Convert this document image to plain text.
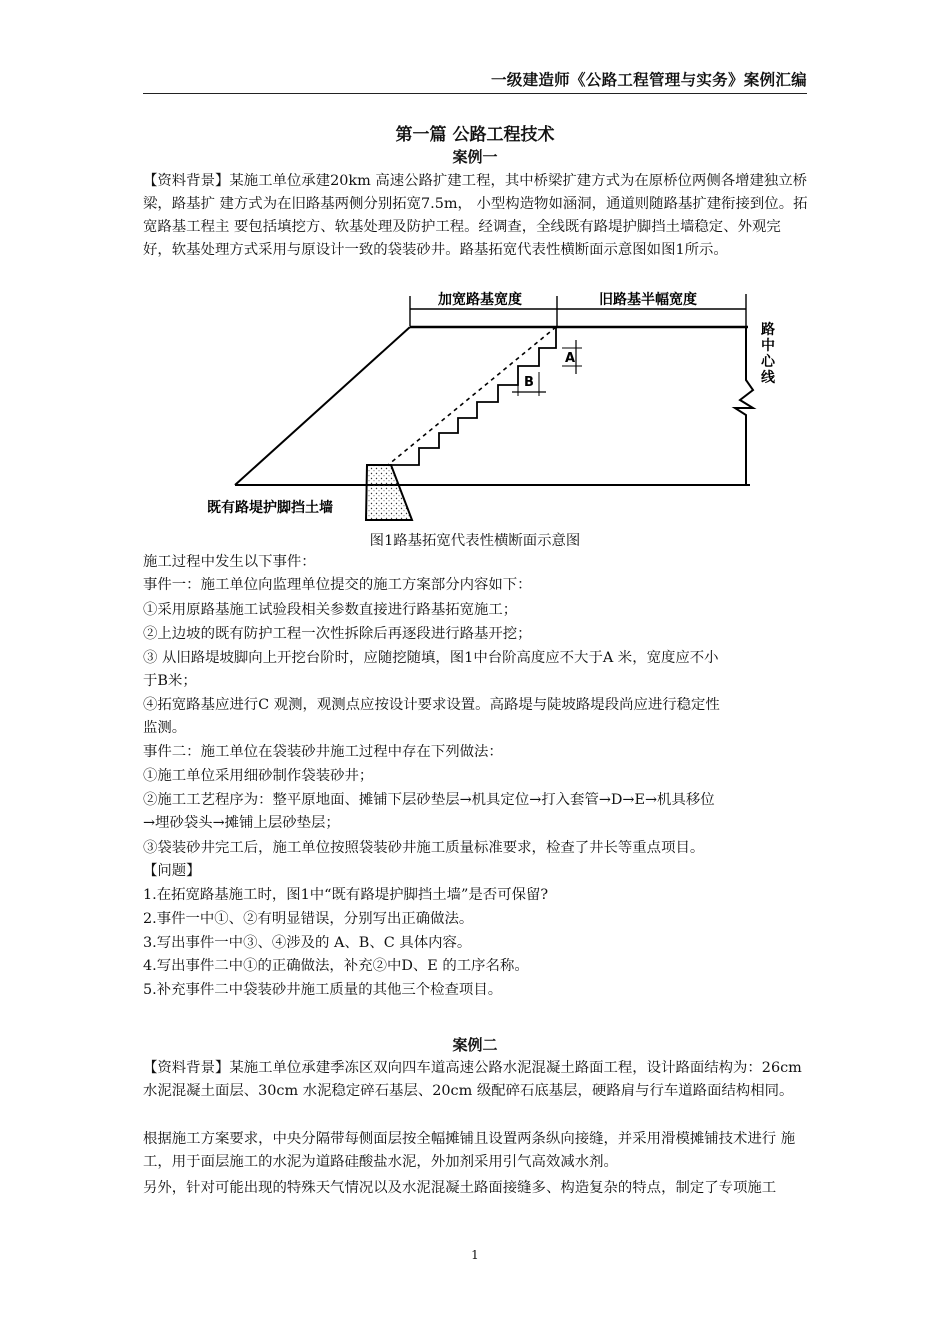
一级建造师《公路工程管理与实务》案例汇编
第一篇 公路工程技术
案例一

【资料背景】某施工单位承建20km 高速公路扩建工程，其中桥梁扩建方式为在原桥位两侧各增建独立桥梁，路基扩 建方式为在旧路基两侧分别拓宽7.5m， 小型构造物如涵洞，通道则随路基扩建衔接到位。拓宽路基工程主 要包括填挖方、软基处理及防护工程。经调查，全线既有路堤护脚挡土墙稳定、外观完好，软基处理方式采用与原设计一致的袋装砂井。路基拓宽代表性横断面示意图如图1所示。

加宽路基宽度	旧路基半幅宽度
路
中
心
线
A
B
既有路堤护脚挡土墙
图1路基拓宽代表性横断面示意图
施工过程中发生以下事件：
事件一：施工单位向监理单位提交的施工方案部分内容如下：
①采用原路基施工试验段相关参数直接进行路基拓宽施工；
②上边坡的既有防护工程一次性拆除后再逐段进行路基开挖；
③ 从旧路堤坡脚向上开挖台阶时，应随挖随填，图1中台阶高度应不大于A 米，宽度应不小
于B米；
④拓宽路基应进行C 观测，观测点应按设计要求设置。高路堤与陡坡路堤段尚应进行稳定性
监测。
事件二：施工单位在袋装砂井施工过程中存在下列做法：
①施工单位采用细砂制作袋装砂井；
②施工工艺程序为：整平原地面、摊铺下层砂垫层→机具定位→打入套管→D→E→机具移位
→埋砂袋头→摊铺上层砂垫层；
③袋装砂井完工后，施工单位按照袋装砂井施工质量标准要求，检查了井长等重点项目。
【问题】
1.在拓宽路基施工时，图1中“既有路堤护脚挡土墙”是否可保留?
2.事件一中①、②有明显错误，分别写出正确做法。
3.写出事件一中③、④涉及的 A、B、C 具体内容。
4.写出事件二中①的正确做法，补充②中D、E 的工序名称。
5.补充事件二中袋装砂井施工质量的其他三个检查项目。
案例二

【资料背景】某施工单位承建季冻区双向四车道高速公路水泥混凝土路面工程，设计路面结构为：26cm 水泥混凝土面层、30cm 水泥稳定碎石基层、20cm 级配碎石底基层，硬路肩与行车道路面结构相同。

根据施工方案要求，中央分隔带每侧面层按全幅摊铺且设置两条纵向接缝，并采用滑模摊铺技术进行 施工，用于面层施工的水泥为道路硅酸盐水泥，外加剂采用引气高效减水剂。

另外，针对可能出现的特殊天气情况以及水泥混凝土路面接缝多、构造复杂的特点，制定了专项施工

1
